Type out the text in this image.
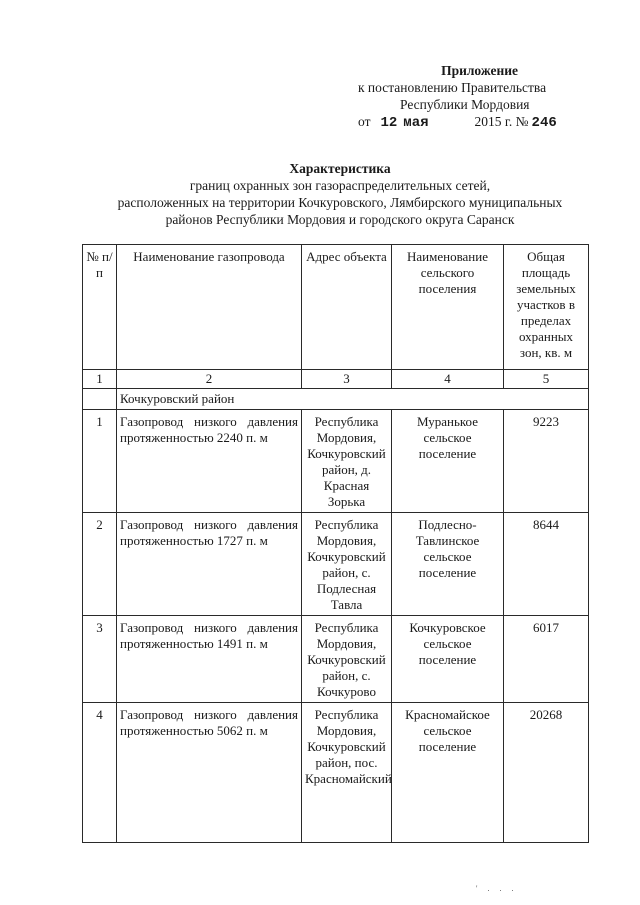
Приложение
к постановлению Правительства
Республики Мордовия
от 12 мая	2015 г. № 246
Характеристика
границ охранных зон газораспределительных сетей,
расположенных на территории Кочкуровского, Лямбирского муниципальных
районов Республики Мордовия и городского округа Саранск
№ п/п	Наименование газопровода	Адрес объекта	Наименование сельского поселения	Общая площадь земельных участков в пределах охранных зон, кв. м
1	2	3	4	5
	Кочкуровский район			
1	Газопровод низкого давления протяженностью 2240 п. м	Республика Мордовия, Кочкуровский район, д. Красная Зорька	Муранькое сельское поселение	9223
2	Газопровод низкого давления протяженностью 1727 п. м	Республика Мордовия, Кочкуровский район, с. Подлесная Тавла	Подлесно-Тавлинское сельское поселение	8644
3	Газопровод низкого давления протяженностью 1491 п. м	Республика Мордовия, Кочкуровский район, с. Кочкурово	Кочкуровское сельское поселение	6017
4	Газопровод низкого давления протяженностью 5062 п. м	Республика Мордовия, Кочкуровский район, пос. Красномайский	Красномайское сельское поселение	20268
' . . .
